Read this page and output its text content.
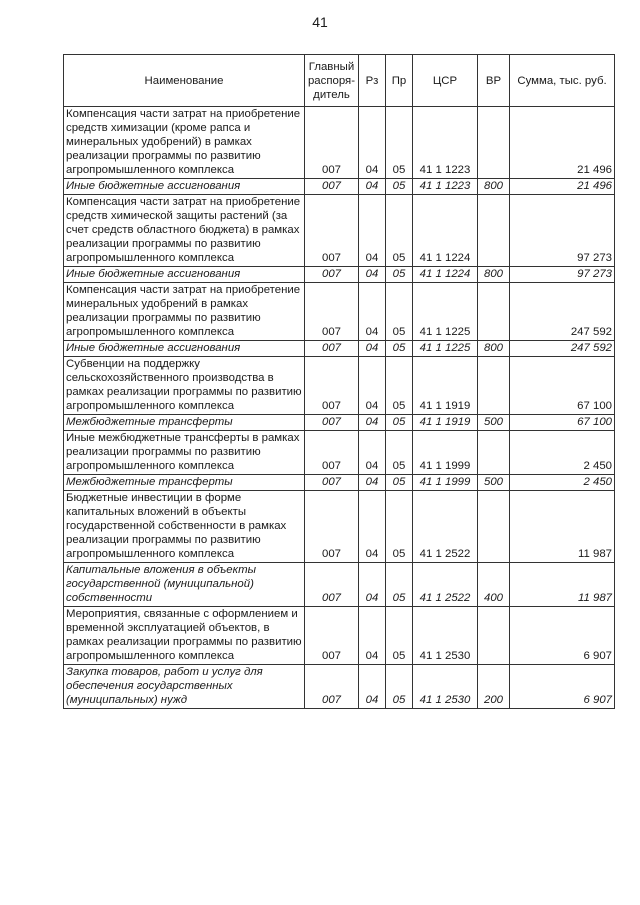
41
Наименование	Главный распоря-дитель	Рз	Пр	ЦСР	ВР	Сумма, тыс. руб.
Компенсация части затрат на приобретение средств химизации (кроме рапса и минеральных удобрений) в рамках реализации программы по развитию агропромышленного комплекса	007	04	05	41 1 1223		21 496
Иные бюджетные ассигнования	007	04	05	41 1 1223	800	21 496
Компенсация части затрат на приобретение средств химической защиты растений (за счет средств областного бюджета) в рамках реализации программы по развитию агропромышленного комплекса	007	04	05	41 1 1224		97 273
Иные бюджетные ассигнования	007	04	05	41 1 1224	800	97 273
Компенсация части затрат на приобретение минеральных удобрений в рамках реализации программы по развитию агропромышленного комплекса	007	04	05	41 1 1225		247 592
Иные бюджетные ассигнования	007	04	05	41 1 1225	800	247 592
Субвенции на поддержку сельскохозяйственного производства в рамках реализации программы по развитию агропромышленного комплекса	007	04	05	41 1 1919		67 100
Межбюджетные трансферты	007	04	05	41 1 1919	500	67 100
Иные межбюджетные трансферты в рамках реализации программы по развитию агропромышленного комплекса	007	04	05	41 1 1999		2 450
Межбюджетные трансферты	007	04	05	41 1 1999	500	2 450
Бюджетные инвестиции в форме капитальных вложений в объекты государственной собственности в рамках реализации программы по развитию агропромышленного комплекса	007	04	05	41 1 2522		11 987
Капитальные вложения в объекты государственной (муниципальной) собственности	007	04	05	41 1 2522	400	11 987
Мероприятия, связанные с оформлением и временной эксплуатацией объектов, в рамках реализации программы по развитию агропромышленного комплекса	007	04	05	41 1 2530		6 907
Закупка товаров, работ и услуг для обеспечения государственных (муниципальных) нужд	007	04	05	41 1 2530	200	6 907
